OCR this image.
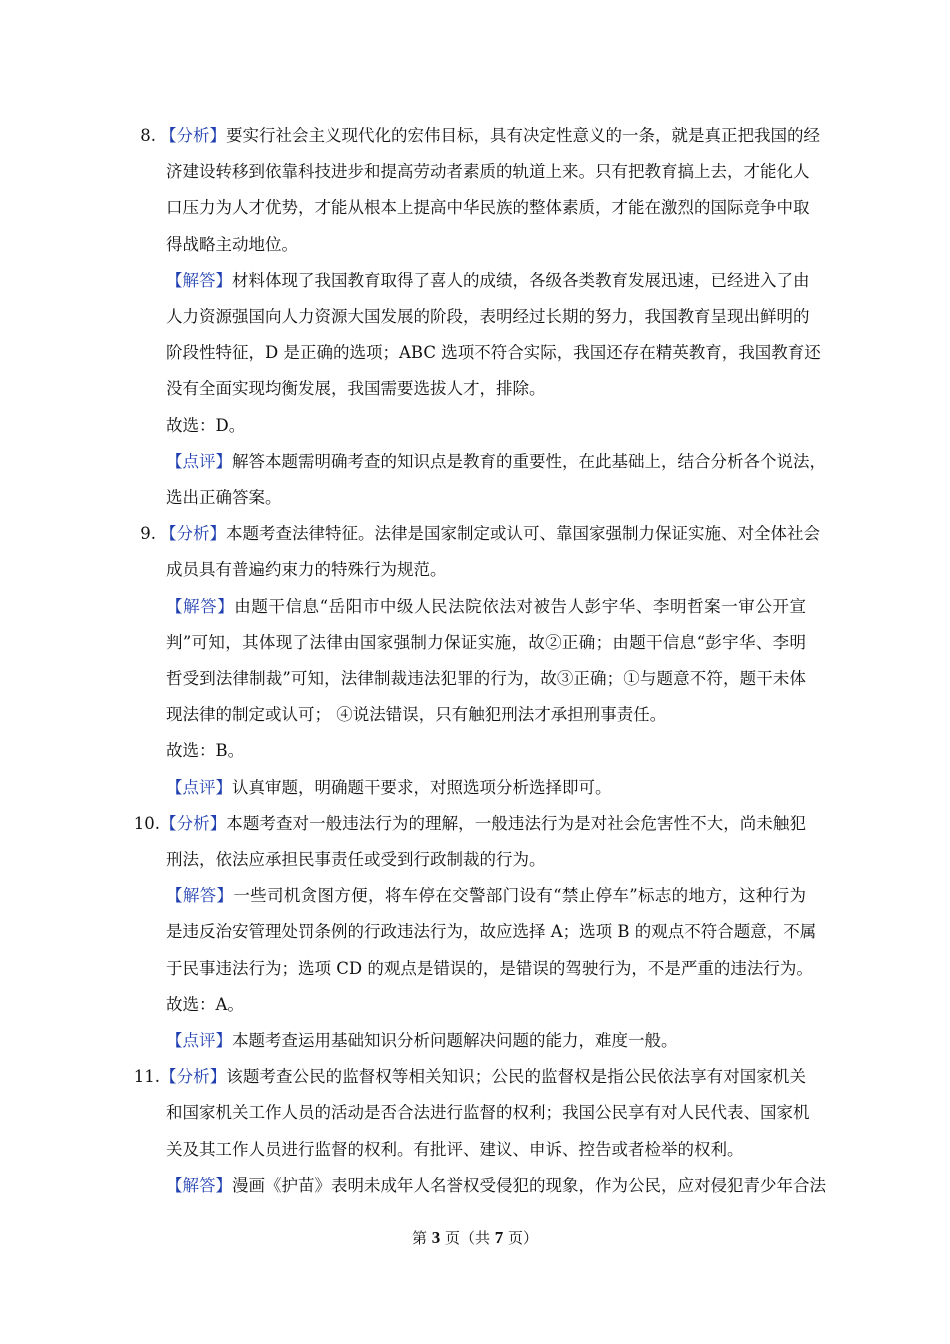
8. 【分析】要实行社会主义现代化的宏伟目标，具有决定性意义的一条，就是真正把我国的经
济建设转移到依靠科技进步和提高劳动者素质的轨道上来。只有把教育搞上去，才能化人
口压力为人才优势，才能从根本上提高中华民族的整体素质，才能在激烈的国际竞争中取
得战略主动地位。
【解答】材料体现了我国教育取得了喜人的成绩，各级各类教育发展迅速，已经进入了由
人力资源强国向人力资源大国发展的阶段，表明经过长期的努力，我国教育呈现出鲜明的
阶段性特征，D 是正确的选项；ABC 选项不符合实际，我国还存在精英教育，我国教育还
没有全面实现均衡发展，我国需要选拔人才，排除。
故选：D。
【点评】解答本题需明确考查的知识点是教育的重要性，在此基础上，结合分析各个说法，
选出正确答案。
9. 【分析】本题考查法律特征。法律是国家制定或认可、靠国家强制力保证实施、对全体社会
成员具有普遍约束力的特殊行为规范。
【解答】由题干信息“岳阳市中级人民法院依法对被告人彭宇华、李明哲案一审公开宣
判”可知，其体现了法律由国家强制力保证实施，故②正确；由题干信息“彭宇华、李明
哲受到法律制裁”可知，法律制裁违法犯罪的行为，故③正确；①与题意不符，题干未体
现法律的制定或认可； ④说法错误，只有触犯刑法才承担刑事责任。
故选：B。
【点评】认真审题，明确题干要求，对照选项分析选择即可。
10. 【分析】本题考查对一般违法行为的理解，一般违法行为是对社会危害性不大，尚未触犯
刑法，依法应承担民事责任或受到行政制裁的行为。
【解答】一些司机贪图方便，将车停在交警部门设有“禁止停车”标志的地方，这种行为
是违反治安管理处罚条例的行政违法行为，故应选择 A；选项 B 的观点不符合题意，不属
于民事违法行为；选项 CD 的观点是错误的，是错误的驾驶行为，不是严重的违法行为。
故选：A。
【点评】本题考查运用基础知识分析问题解决问题的能力，难度一般。
11. 【分析】该题考查公民的监督权等相关知识；公民的监督权是指公民依法享有对国家机关
和国家机关工作人员的活动是否合法进行监督的权利；我国公民享有对人民代表、国家机
关及其工作人员进行监督的权利。有批评、建议、申诉、控告或者检举的权利。
【解答】漫画《护苗》表明未成年人名誉权受侵犯的现象，作为公民，应对侵犯青少年合法
第 3 页（共 7 页）
